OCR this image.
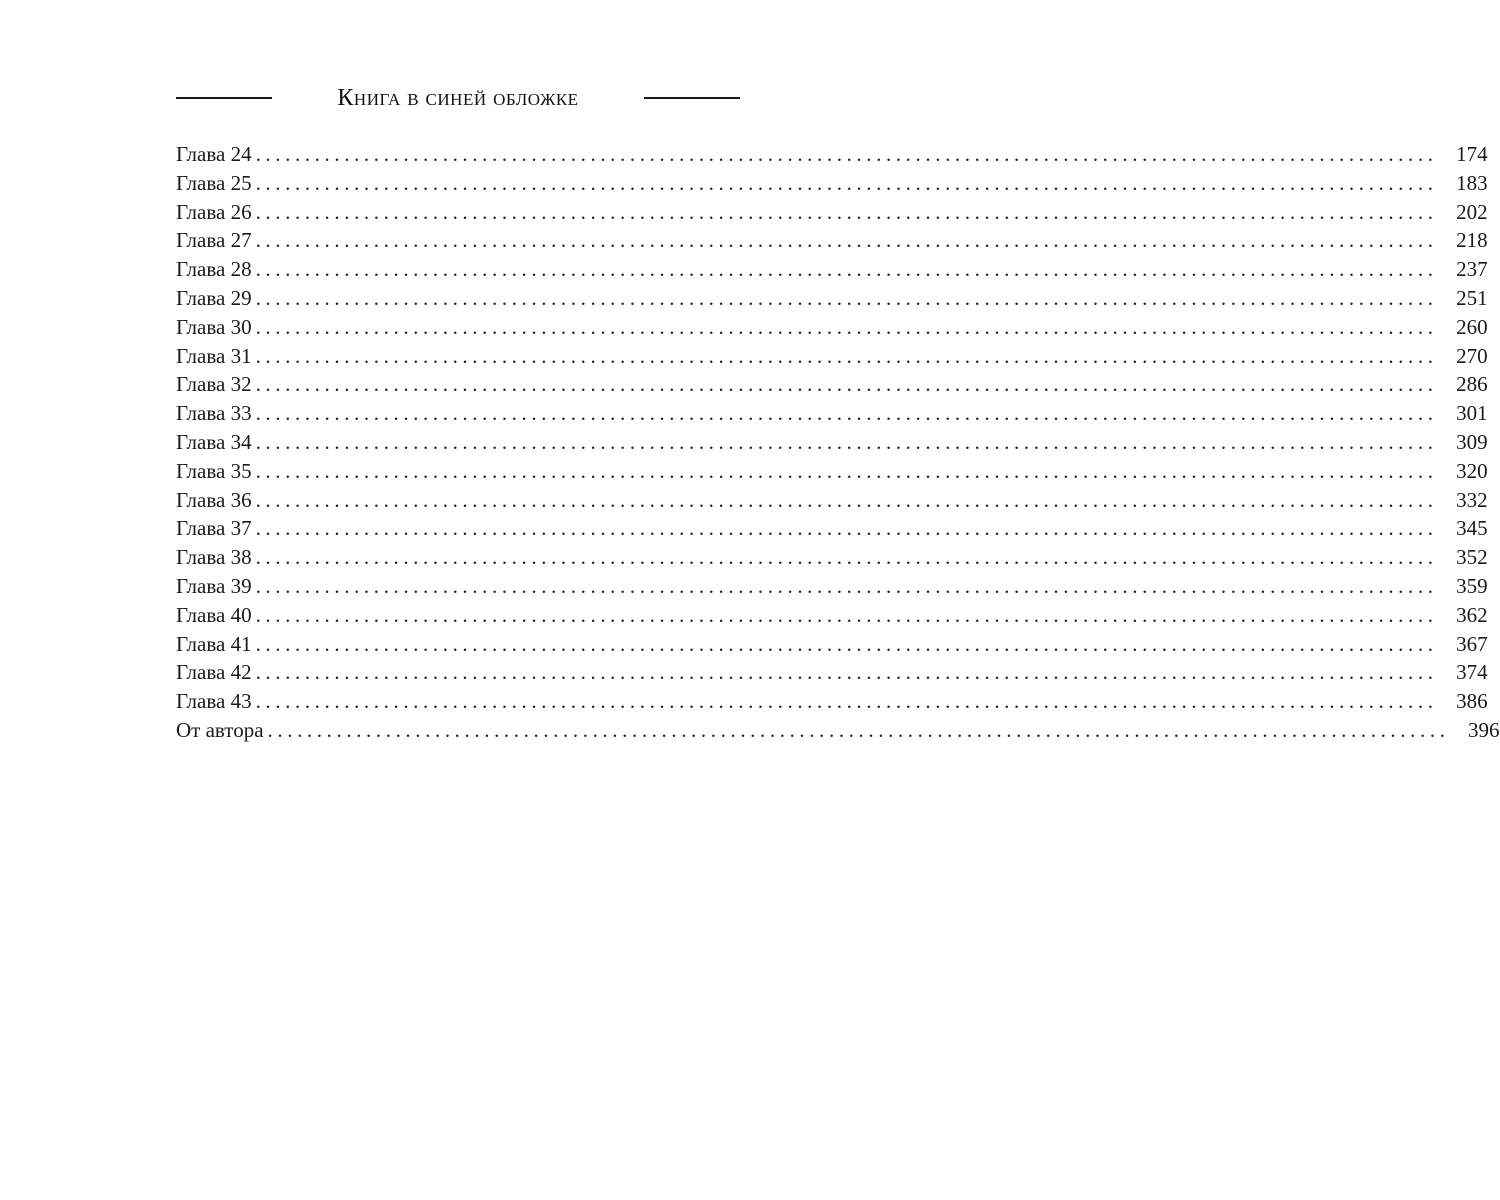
Книга в синей обложке
Глава 24 ........................................................................................................................ 174
Глава 25 ........................................................................................................................ 183
Глава 26 ........................................................................................................................ 202
Глава 27 ........................................................................................................................ 218
Глава 28 ........................................................................................................................ 237
Глава 29 ........................................................................................................................ 251
Глава 30 ........................................................................................................................ 260
Глава 31 ........................................................................................................................ 270
Глава 32 ........................................................................................................................ 286
Глава 33 ........................................................................................................................ 301
Глава 34 ........................................................................................................................ 309
Глава 35 ........................................................................................................................ 320
Глава 36 ........................................................................................................................ 332
Глава 37 ........................................................................................................................ 345
Глава 38 ........................................................................................................................ 352
Глава 39 ........................................................................................................................ 359
Глава 40 ........................................................................................................................ 362
Глава 41 ........................................................................................................................ 367
Глава 42 ........................................................................................................................ 374
Глава 43 ........................................................................................................................ 386
От автора ........................................................................................................................ 396
